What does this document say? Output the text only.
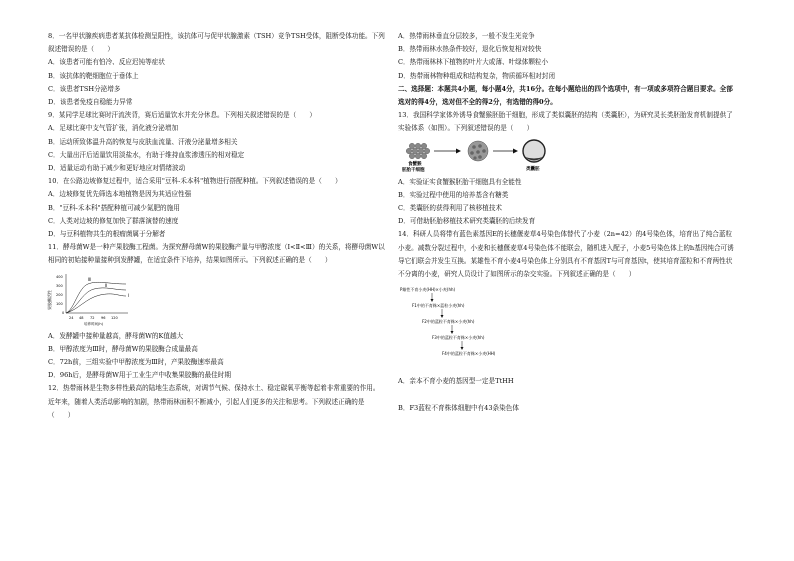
8．一名甲状腺疾病患者某抗体检测呈阳性，该抗体可与促甲状腺激素（TSH）竞争TSH受体，阻断受体功能。下列叙述错误的是（　　）

A．该患者可能有怕冷、反应迟钝等症状

B．该抗体的靶细胞位于垂体上

C．该患者TSH分泌增多

D．该患者免疫自稳能力异常

9．某同学足球比赛时汗流浃背，赛后适量饮水并充分休息。下列相关叙述错误的是（　　）

A．足球比赛中支气管扩张，消化液分泌增加

B．运动所致体温升高的恢复与皮肤血流量、汗液分泌量增多相关

C．大量出汗后适量饮用淡盐水，有助于维持血浆渗透压的相对稳定

D．适量运动有助于减少和更好地应对情绪波动

10．在公路边坡修复过程中，适合采用"豆科-禾本科"植物进行搭配种植。下列叙述错误的是（　　）

A．边坡修复优先筛选本地植物是因为其适应性强

B．"豆科-禾本科"搭配种植可减少氮肥的施用

C．人类对边坡的修复加快了群落演替的速度

D．与豆科植物共生的根瘤菌属于分解者

11．酵母菌W是一种产果胶酶工程菌。为探究酵母菌W的果胶酶产量与甲醇浓度（Ⅰ<Ⅱ<Ⅲ）的关系，将酵母菌W以相同的初始接种量接种到发酵罐，在适宜条件下培养，结果如图所示。下列叙述正确的是（　　）

果胶酶活性
400
300
200
100
0
Ⅲ
Ⅱ
Ⅰ
24 48 72 96 120
培养时间(h)

A．发酵罐中接种量越高，酵母菌W的K值越大

B．甲醇浓度为Ⅲ时，酵母菌W的果胶酶合成量最高

C．72h前，三组实验中甲醇浓度为Ⅲ时，产果胶酶速率最高

D．96h后，是酵母菌W用于工业生产中收集果胶酶的最佳时期

12．热带雨林是生物多样性最高的陆地生态系统，对调节气候、保持水土、稳定碳氧平衡等起着非常重要的作用。近年来，随着人类活动影响的加剧，热带雨林面积不断减小，引起人们更多的关注和思考。下列叙述正确的是（　　）

A．热带雨林垂直分层较多，一般不发生光竞争

B．热带雨林水热条件较好，退化后恢复相对较快

C．热带雨林林下植物的叶片大或薄、叶绿体颗粒小

D．热带雨林物种组成和结构复杂，物质循环相对封闭

二、选择题：本题共4小题，每小题4分，共16分。在每小题给出的四个选项中，有一项或多项符合题目要求。全部选对的得4分，选对但不全的得2分，有选错的得0分。

13．我国科学家体外诱导食蟹猴胚胎干细胞，形成了类似囊胚的结构（类囊胚），为研究灵长类胚胎发育机制提供了实验体系（如图）。下列叙述错误的是（　　）

食蟹猴
胚胎干细胞	类囊胚

A．实验证实食蟹猴胚胎干细胞具有全能性

B．实验过程中使用的培养基含有糖类

C．类囊胚的获得利用了核移植技术

D．可借助胚胎移植技术研究类囊胚的后续发育

14．科研人员将带有蓝色素基因E的长穗偃麦草4号染色体替代了小麦（2n=42）的4号染色体，培育出了纯合蓝粒小麦。减数分裂过程中，小麦和长穗偃麦草4号染色体不能联会，随机进入配子，小麦5号染色体上的h基因纯合可诱导它们联会并发生互换。某雄性不育小麦4号染色体上分别具有不育基因T与可育基因t，使其培育蓝粒和不育两性状不分离的小麦，研究人员设计了如图所示的杂交实验。下列叙述正确的是（　　）

P雄性不育小麦(HH)×小麦(hh)
F1中的不育株×蓝粒小麦(hh)
F2中的蓝粒不育株×小麦(hh)
F3中的蓝粒不育株×小麦(hh)
F4中的蓝粒不育株×小麦(HH)

A．亲本不育小麦的基因型一定是TtHH

B．F3蓝粒不育株体细胞中有43条染色体
